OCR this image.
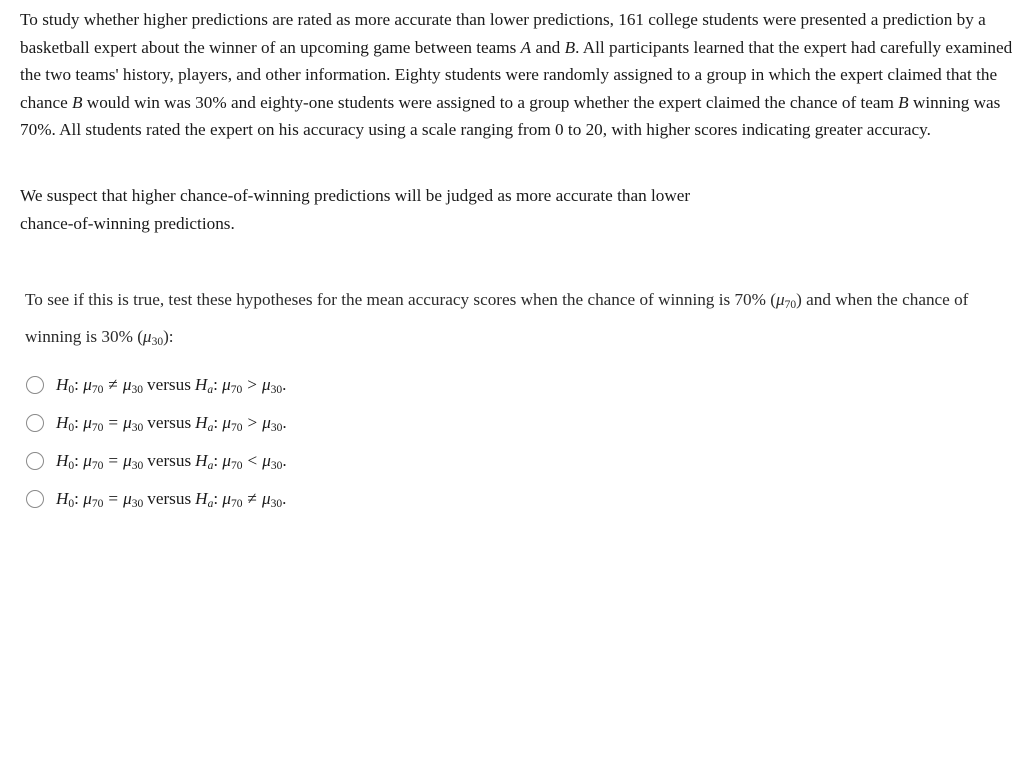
To study whether higher predictions are rated as more accurate than lower predictions, 161 college students were presented a prediction by a basketball expert about the winner of an upcoming game between teams A and B. All participants learned that the expert had carefully examined the two teams' history, players, and other information. Eighty students were randomly assigned to a group in which the expert claimed that the chance B would win was 30% and eighty-one students were assigned to a group whether the expert claimed the chance of team B winning was 70%. All students rated the expert on his accuracy using a scale ranging from 0 to 20, with higher scores indicating greater accuracy.

We suspect that higher chance-of-winning predictions will be judged as more accurate than lower
chance-of-winning predictions.

To see if this is true, test these hypotheses for the mean accuracy scores when the chance of winning is 70% $(\mu_{70})$ and when the chance of winning is 30% $(\mu_{30})$:

$H_0$: $\mu_{70} \ne \mu_{30}$ versus Ha: $\mu_{70} > \mu_{30}$.
$H_0$: $\mu_{70} = \mu_{30}$ versus Ha: $\mu_{70} > \mu_{30}$.
$H_0$: $\mu_{70} = \mu_{30}$ versus Ha: $\mu_{70} < \mu_{30}$.
$H_0$: $\mu_{70} = \mu_{30}$ versus Ha: $\mu_{70} \ne \mu_{30}$.
